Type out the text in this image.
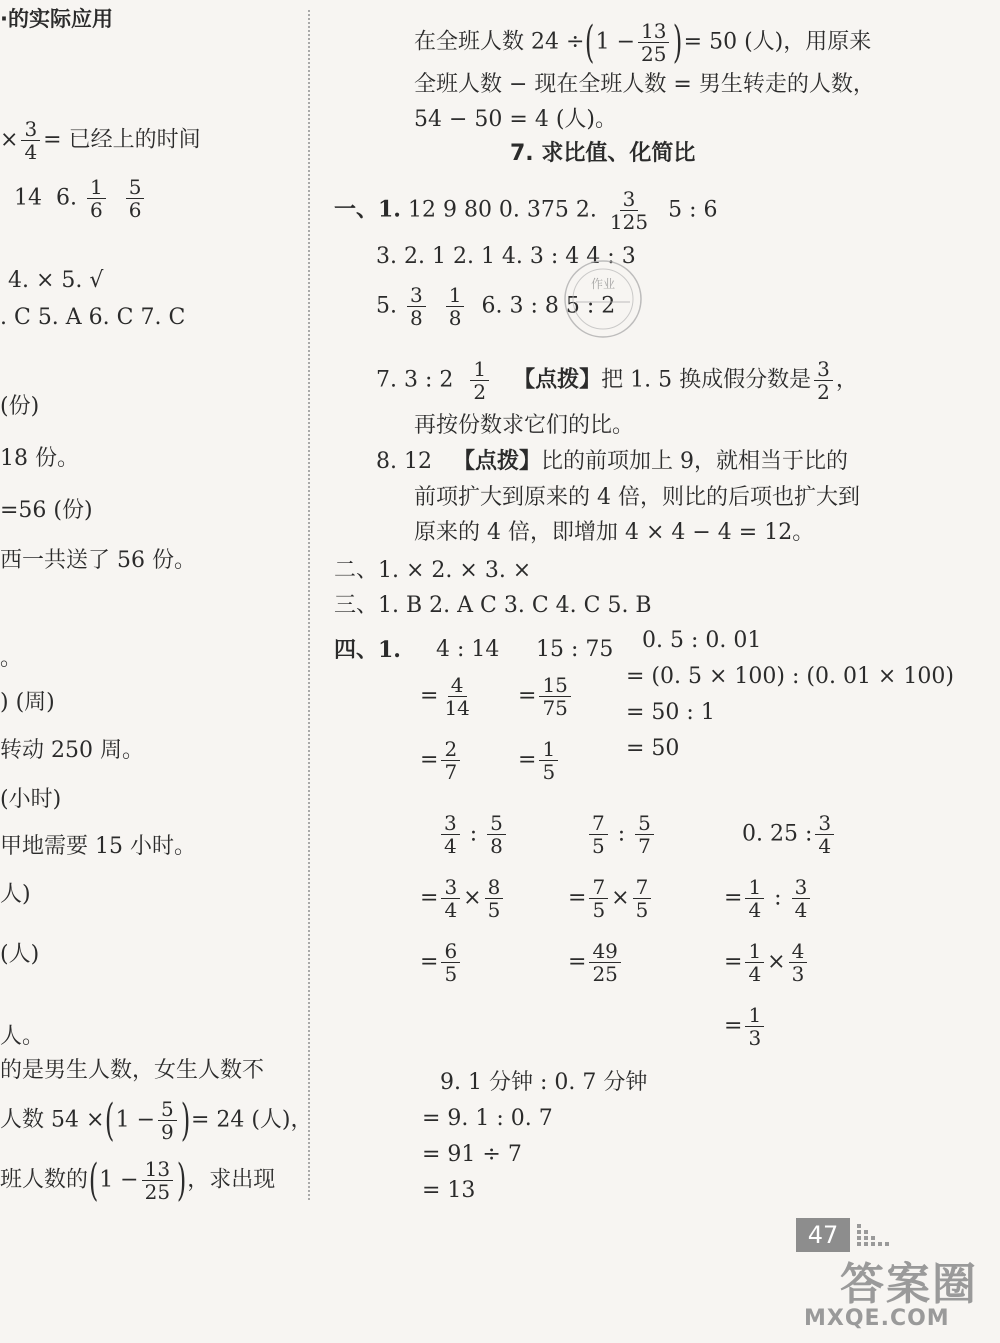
·的实际应用
× $\frac{3}{4}$ = 已经上的时间
14 6. $\frac{1}{6}$
$\frac{5}{6}$
4. × 5. √
. C 5. A 6. C 7. C
(份)
18 份。
=56 (份)
西一共送了 56 份。
。
) (周)
转动 250 周。
(小时)
甲地需要 15 小时。
人)
(人)
人。
的是男生人数，女生人数不
人数 $54 \times(1 - \frac{5}{9}$ )= 24 (人)，
班人数的($1 - \frac{13}{25}$ )，求出现
在全班人数 $24 \div(1 - \frac{13}{25}$ )= 50 (人)，用原来
全班人数 − 现在全班人数 = 男生转走的人数，
54 − 50 = 4 (人)。
7. 求比值、化简比
一、1. 12 9 80 0. 375 2. $\frac{3}{125} 5$ : 6
3. 2. 1 2. 1 4. 3 : 4 4 : 3
5. $\frac{3}{8}$
$\frac{1}{8} 6$. 3 : 8 5 : 2
作业
7. 3 : $2 \frac{1}{2}$ 【点拨】把 1. 5 换成假分数是 $\frac{3}{2}$ ，
再按份数求它们的比。
8. 12 【点拨】比的前项加上 9，就相当于比的
前项扩大到原来的 4 倍，则比的后项也扩大到
原来的 4 倍，即增加 4 × 4 − 4 = 12。
二、1. × 2. × 3. ×
三、1. B 2. A C 3. C 4. C 5. B
四、1. 4 : 14
= $\frac{4}{14}$
= $\frac{2}{7}$
15 : 75
= $\frac{15}{75}$
= $\frac{1}{5}$
0. 5 : 0. 01
= (0. 5 × 100) : (0. 01 × 100)
= 50 : 1
= 50
$\frac{3}{4}$ : $\frac{5}{8}$
= $\frac{3}{4} \times \frac{8}{5}$
= $\frac{6}{5}$
$\frac{7}{5}$ : $\frac{5}{7}$
= $\frac{7}{5} \times \frac{7}{5}$
= $\frac{49}{25}$
0. 25 : $\frac{3}{4}$
= $\frac{1}{4}$ : $\frac{3}{4}$
= $\frac{1}{4} \times \frac{4}{3}$
= $\frac{1}{3}$
9. 1 分钟 : 0. 7 分钟
= 9. 1 : 0. 7
= 91 ÷ 7
= 13
47
答案圈
MXQE.COM
